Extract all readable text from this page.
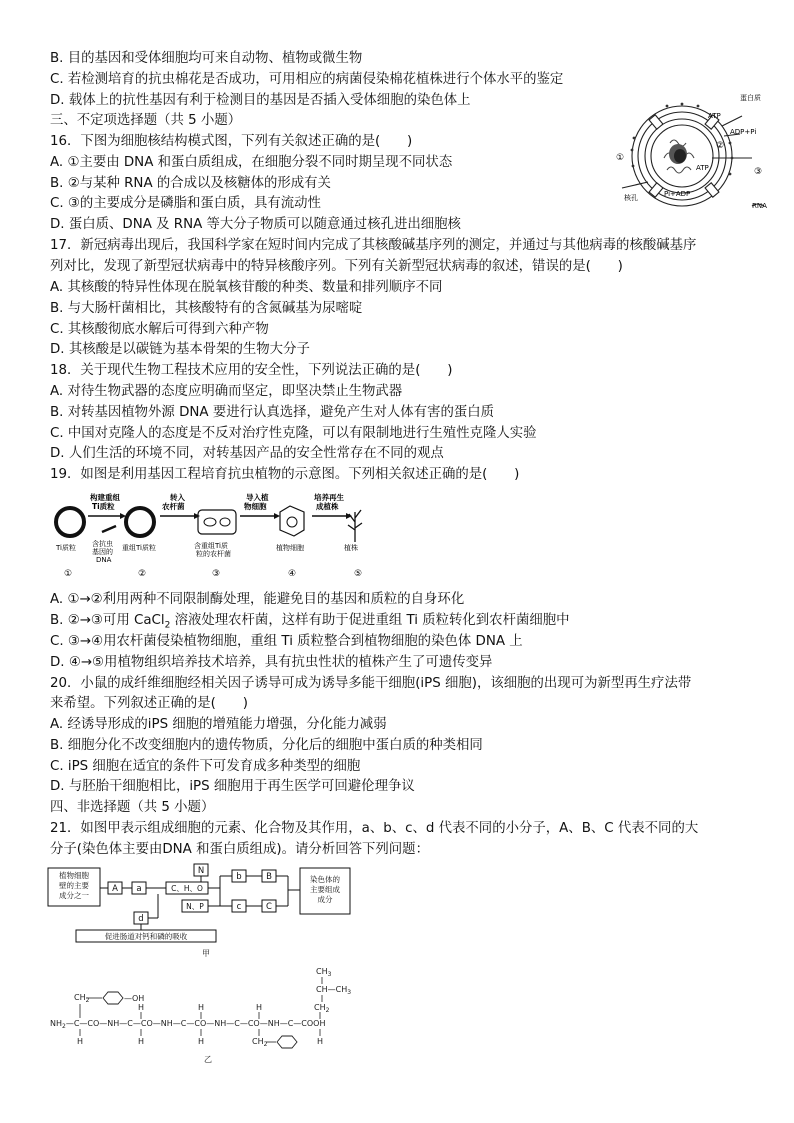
B. 目的基因和受体细胞均可来自动物、植物或微生物
C. 若检测培育的抗虫棉花是否成功，可用相应的病菌侵染棉花植株进行个体水平的鉴定
D. 载体上的抗性基因有利于检测目的基因是否插入受体细胞的染色体上
三、不定项选择题（共 5 小题）
16．下图为细胞核结构模式图，下列有关叙述正确的是(　　)
A. ①主要由 DNA 和蛋白质组成，在细胞分裂不同时期呈现不同状态
B. ②与某种 RNA 的合成以及核糖体的形成有关
C. ③的主要成分是磷脂和蛋白质，具有流动性
D. 蛋白质、DNA 及 RNA 等大分子物质可以随意通过核孔进出细胞核
17．新冠病毒出现后，我国科学家在短时间内完成了其核酸碱基序列的测定，并通过与其他病毒的核酸碱基序
列对比，发现了新型冠状病毒中的特异核酸序列。下列有关新型冠状病毒的叙述，错误的是(　　)
A. 其核酸的特异性体现在脱氧核苷酸的种类、数量和排列顺序不同
B. 与大肠杆菌相比，其核酸特有的含氮碱基为尿嘧啶
C. 其核酸彻底水解后可得到六种产物
D. 其核酸是以碳链为基本骨架的生物大分子
18．关于现代生物工程技术应用的安全性，下列说法正确的是(　　)
A. 对待生物武器的态度应明确而坚定，即坚决禁止生物武器
B. 对转基因植物外源 DNA 要进行认真选择，避免产生对人体有害的蛋白质
C. 中国对克隆人的态度是不反对治疗性克隆，可以有限制地进行生殖性克隆人实验
D. 人们生活的环境不同，对转基因产品的安全性常存在不同的观点
19．如图是利用基因工程培育抗虫植物的示意图。下列相关叙述正确的是(　　)
A. ①→②利用两种不同限制酶处理，能避免目的基因和质粒的自身环化
B. ②→③可用 CaCl$_2$ 溶液处理农杆菌，这样有助于促进重组 Ti 质粒转化到农杆菌细胞中
C. ③→④用农杆菌侵染植物细胞，重组 Ti 质粒整合到植物细胞的染色体 DNA 上
D. ④→⑤用植物组织培养技术培养，具有抗虫性状的植株产生了可遗传变异
20．小鼠的成纤维细胞经相关因子诱导可成为诱导多能干细胞(iPS 细胞)，该细胞的出现可为新型再生疗法带
来希望。下列叙述正确的是(　　)
A. 经诱导形成的iPS 细胞的增殖能力增强，分化能力减弱
B. 细胞分化不改变细胞内的遗传物质，分化后的细胞中蛋白质的种类相同
C. iPS 细胞在适宜的条件下可发育成多种类型的细胞
D. 与胚胎干细胞相比，iPS 细胞用于再生医学可回避伦理争议
四、非选择题（共 5 小题）
21．如图甲表示组成细胞的元素、化合物及其作用，a、b、c、d 代表不同的小分子，A、B、C 代表不同的大
分子(染色体主要由DNA 和蛋白质组成)。请分析回答下列问题：
蛋白质
ATP
ADP+Pi
ATP
Pi+ADP
核孔
RNA
①
②
③
构建重组 Ti质粒
转入农杆菌
导入植物细胞
培养再生成植株
Ti质粒 含抗虫基因的 DNA
重组Ti质粒	含重组Ti质粒的农杆菌
植物细胞	植株
①	②	③	④	⑤
植物细胞壁的主要成分之一
A a	C、H、O
N
N、P
b	B
c	C
d
染色体的主要组成成分
促进肠道对钙和磷的吸收
甲
$NH_2—C—CO—NH—C—CO—NH—C—CO—NH—C—CO—NH—C—COOH$
$CH_2$	—OH
H	H	H
$CH_3$
$CH—CH_3$
$CH_2$
H	H	H	$CH_2$	H
乙
